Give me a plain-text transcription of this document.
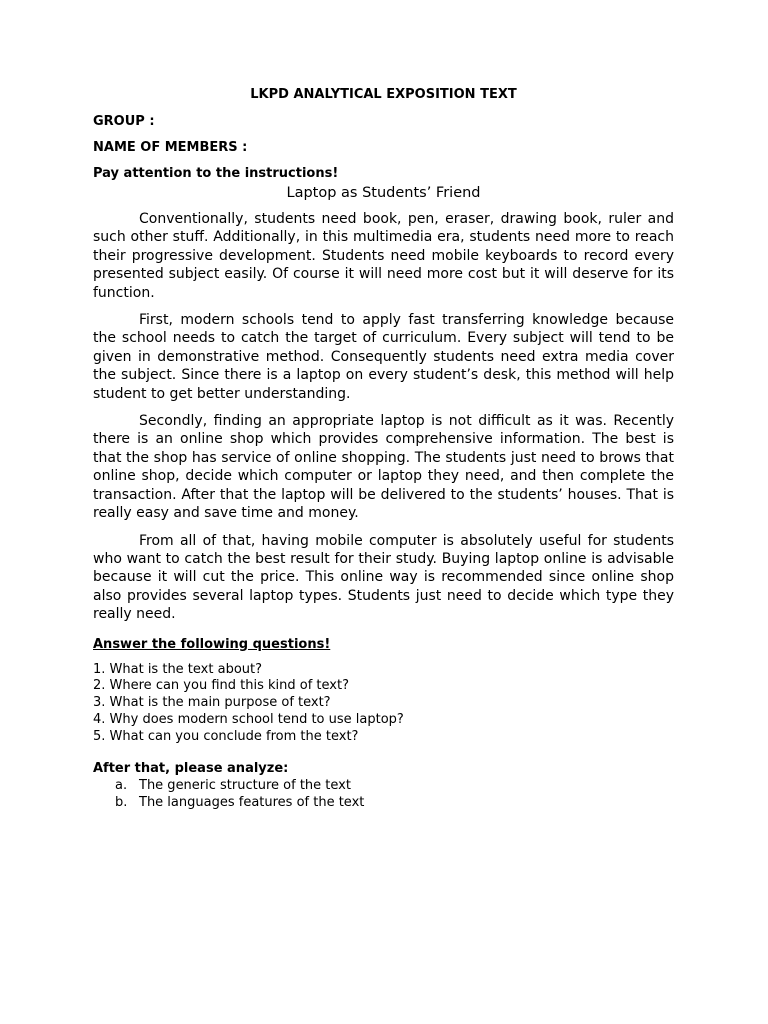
LKPD ANALYTICAL EXPOSITION TEXT
GROUP :
NAME OF MEMBERS :
Pay attention to the instructions!
Laptop as Students’ Friend

Conventionally, students need book, pen, eraser, drawing book, ruler and such other stuff. Additionally, in this multimedia era, students need more to reach their progressive development. Students need mobile keyboards to record every presented subject easily. Of course it will need more cost but it will deserve for its function.

First, modern schools tend to apply fast transferring knowledge because the school needs to catch the target of curriculum. Every subject will tend to be given in demonstrative method. Consequently students need extra media cover the subject. Since there is a laptop on every student’s desk, this method will help student to get better understanding.

Secondly, finding an appropriate laptop is not difficult as it was. Recently there is an online shop which provides comprehensive information. The best is that the shop has service of online shopping. The students just need to brows that online shop, decide which computer or laptop they need, and then complete the transaction. After that the laptop will be delivered to the students’ houses. That is really easy and save time and money.

From all of that, having mobile computer is absolutely useful for students who want to catch the best result for their study. Buying laptop online is advisable because it will cut the price. This online way is recommended since online shop also provides several laptop types. Students just need to decide which type they really need.

Answer the following questions!
1. What is the text about?
2. Where can you find this kind of text?
3. What is the main purpose of text?
4. Why does modern school tend to use laptop?
5. What can you conclude from the text?
After that, please analyze:
a. The generic structure of the text
b. The languages features of the text
